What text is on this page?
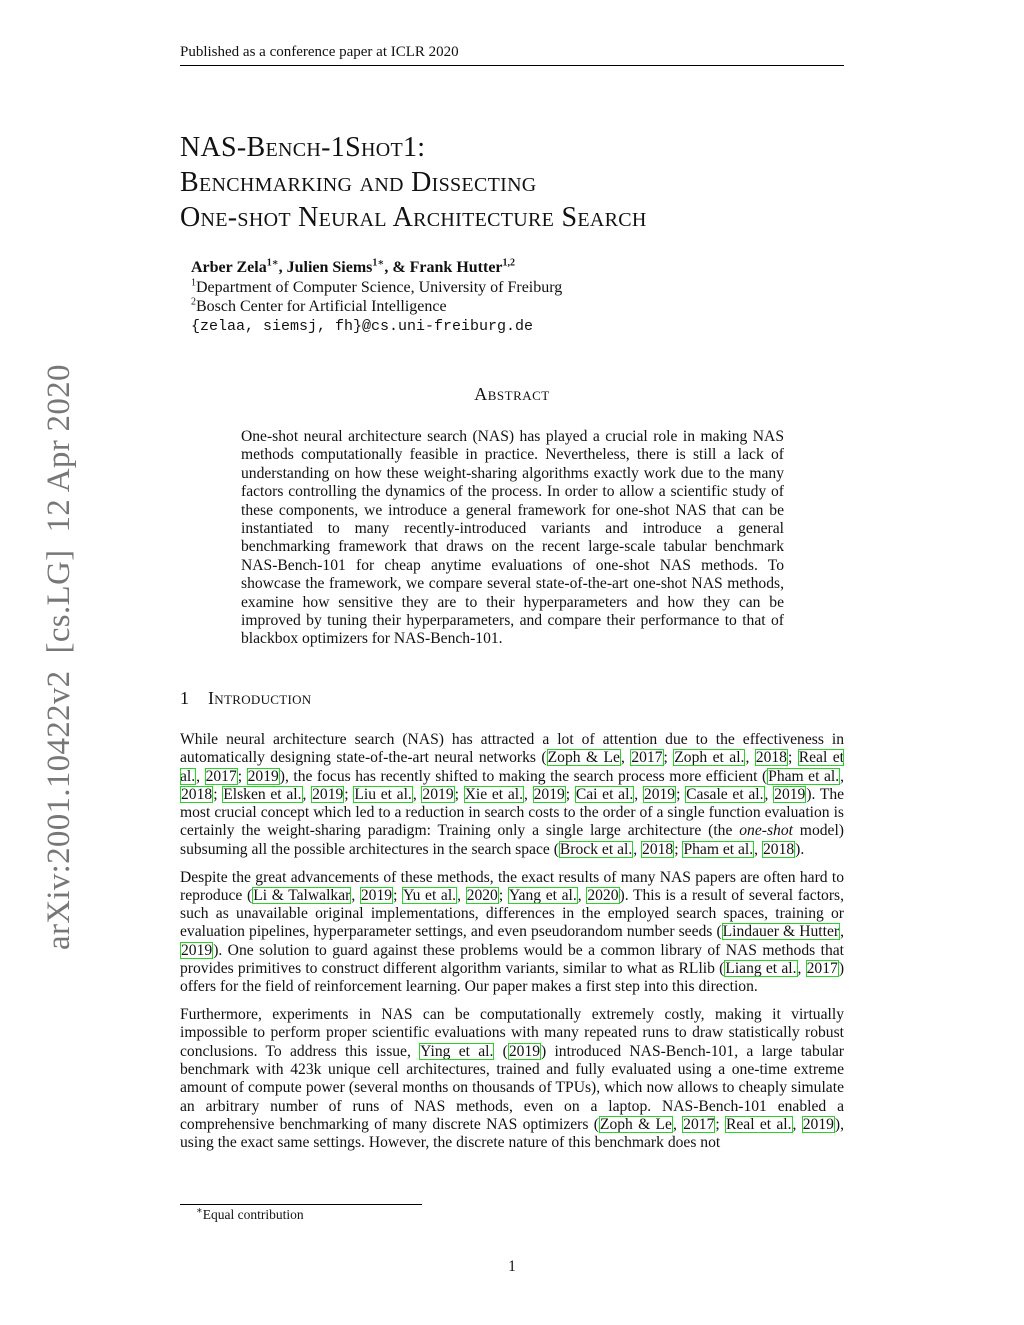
Published as a conference paper at ICLR 2020
arXiv:2001.10422v2  [cs.LG]  12 Apr 2020
NAS-Bench-1Shot1:
Benchmarking and Dissecting
One-shot Neural Architecture Search
Arber Zela$^{1∗}$, Julien Siems$^{1∗}$, & Frank Hutter$^{1,2}$
$^1$Department of Computer Science, University of Freiburg
$^2$Bosch Center for Artificial Intelligence
{zelaa, siemsj, fh}@cs.uni-freiburg.de
Abstract
One-shot neural architecture search (NAS) has played a crucial role in making NAS methods computationally feasible in practice. Nevertheless, there is still a lack of understanding on how these weight-sharing algorithms exactly work due to the many factors controlling the dynamics of the process. In order to allow a scientific study of these components, we introduce a general framework for one-shot NAS that can be instantiated to many recently-introduced variants and introduce a general benchmarking framework that draws on the recent large-scale tabular benchmark NAS-Bench-101 for cheap anytime evaluations of one-shot NAS methods. To showcase the framework, we compare several state-of-the-art one-shot NAS methods, examine how sensitive they are to their hyperparameters and how they can be improved by tuning their hyperparameters, and compare their performance to that of blackbox optimizers for NAS-Bench-101.
1 Introduction

While neural architecture search (NAS) has attracted a lot of attention due to the effectiveness in automatically designing state-of-the-art neural networks (Zoph & Le, 2017; Zoph et al., 2018; Real et al., 2017; 2019), the focus has recently shifted to making the search process more efficient (Pham et al., 2018; Elsken et al., 2019; Liu et al., 2019; Xie et al., 2019; Cai et al., 2019; Casale et al., 2019). The most crucial concept which led to a reduction in search costs to the order of a single function evaluation is certainly the weight-sharing paradigm: Training only a single large architecture (the one-shot model) subsuming all the possible architectures in the search space (Brock et al., 2018; Pham et al., 2018).

Despite the great advancements of these methods, the exact results of many NAS papers are often hard to reproduce (Li & Talwalkar, 2019; Yu et al., 2020; Yang et al., 2020). This is a result of several factors, such as unavailable original implementations, differences in the employed search spaces, training or evaluation pipelines, hyperparameter settings, and even pseudorandom number seeds (Lindauer & Hutter, 2019). One solution to guard against these problems would be a common library of NAS methods that provides primitives to construct different algorithm variants, similar to what as RLlib (Liang et al., 2017) offers for the field of reinforcement learning. Our paper makes a first step into this direction.

Furthermore, experiments in NAS can be computationally extremely costly, making it virtually impossible to perform proper scientific evaluations with many repeated runs to draw statistically robust conclusions. To address this issue, Ying et al. (2019) introduced NAS-Bench-101, a large tabular benchmark with 423k unique cell architectures, trained and fully evaluated using a one-time extreme amount of compute power (several months on thousands of TPUs), which now allows to cheaply simulate an arbitrary number of runs of NAS methods, even on a laptop. NAS-Bench-101 enabled a comprehensive benchmarking of many discrete NAS optimizers (Zoph & Le, 2017; Real et al., 2019), using the exact same settings. However, the discrete nature of this benchmark does not

∗Equal contribution
1
